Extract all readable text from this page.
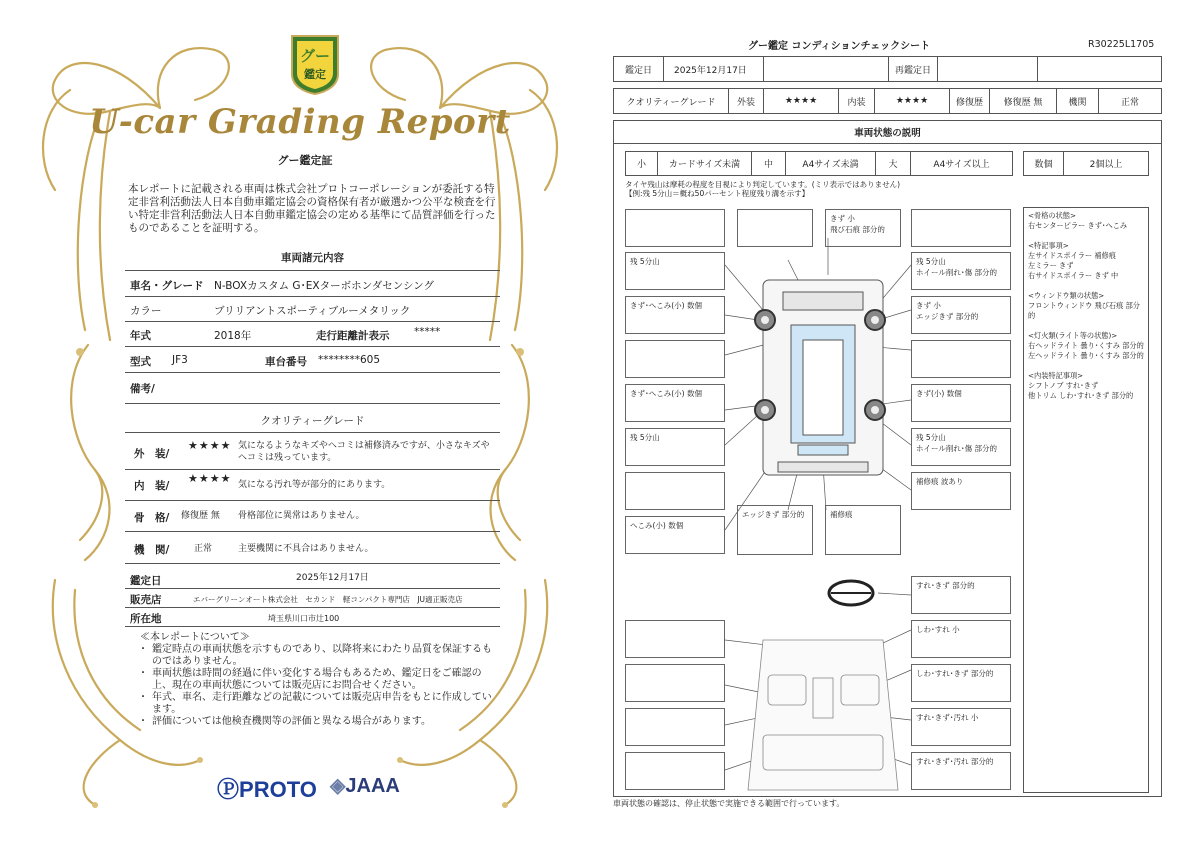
グー
鑑定
U-car Grading Report
グー鑑定証
本レポートに記載される車両は株式会社プロトコーポレーションが委託する特定非営利活動法人日本自動車鑑定協会の資格保有者が厳選かつ公平な検査を行い特定非営利活動法人日本自動車鑑定協会の定める基準にて品質評価を行ったものであることを証明する。
車両諸元内容
車名・グレード N-BOXカスタム G･EXターボホンダセンシング
カラー	ブリリアントスポーティブルーメタリック
年式	2018年	走行距離計表示 *****
型式 JF3	車台番号 ********605
備考/
クオリティーグレード
外　装/
★★★★ 気になるようなキズやヘコミは補修済みですが、小さなキズやヘコミは残っています。
内　装/
★★★★ 気になる汚れ等が部分的にあります。
骨　格/ 修復歴 無 骨格部位に異常はありません。
機　関/	正常	主要機関に不具合はありません。
鑑定日	2025年12月17日
販売店	エバーグリーンオート株式会社　セカンド　軽コンパクト専門店　JU適正販売店
所在地	埼玉県川口市辻100
≪本レポートについて≫
・ 鑑定時点の車両状態を示すものであり、以降将来にわたり品質を保証するものではありません。
・ 車両状態は時間の経過に伴い変化する場合もあるため、鑑定日をご確認の上、現在の車両状態については販売店にお問合せください。
・ 年式、車名、走行距離などの記載については販売店申告をもとに作成しています。
・ 評価については他検査機関等の評価と異なる場合があります。
ⓅPROTO ◈JAAA
グー鑑定 コンディションチェックシート	R30225L1705
鑑定日	2025年12月17日	再鑑定日
クオリティーグレード	外装	★★★★	内装	★★★★	修復歴	修復歴 無	機関	正常
車両状態の説明
小	カードサイズ未満	中	A4サイズ未満	大	A4サイズ以上	数個	2個以上
タイヤ残山は摩耗の程度を目視により判定しています。(ミリ表示ではありません)
【例:残 5分山＝概ね50パーセント程度残り溝を示す】
残 5分山
きず･へこみ(小) 数個
きず･へこみ(小) 数個
残 5分山
へこみ(小) 数個
きず 小
飛び石痕 部分的
残 5分山
ホイール削れ･傷 部分的
きず 小
エッジきず 部分的
きず(小) 数個
残 5分山
ホイール削れ･傷 部分的
補修痕 波あり
エッジきず 部分的	補修痕
すれ･きず 部分的
しわ･すれ 小
しわ･すれ･きず 部分的
すれ･きず･汚れ 小
すれ･きず･汚れ 部分的
<骨格の状態>
右センターピラー きず･へこみ
<特記事項>
左サイドスポイラー 補修痕
左ミラー きず
右サイドスポイラー きず 中
<ウィンドウ類の状態>
フロントウィンドウ 飛び石痕 部分的
<灯火類(ライト等の状態)>
右ヘッドライト 曇り･くすみ 部分的
左ヘッドライト 曇り･くすみ 部分的
<内装特記事項>
シフトノブ すれ･きず
他トリム しわ･すれ･きず 部分的
車両状態の確認は、停止状態で実施できる範囲で行っています。
